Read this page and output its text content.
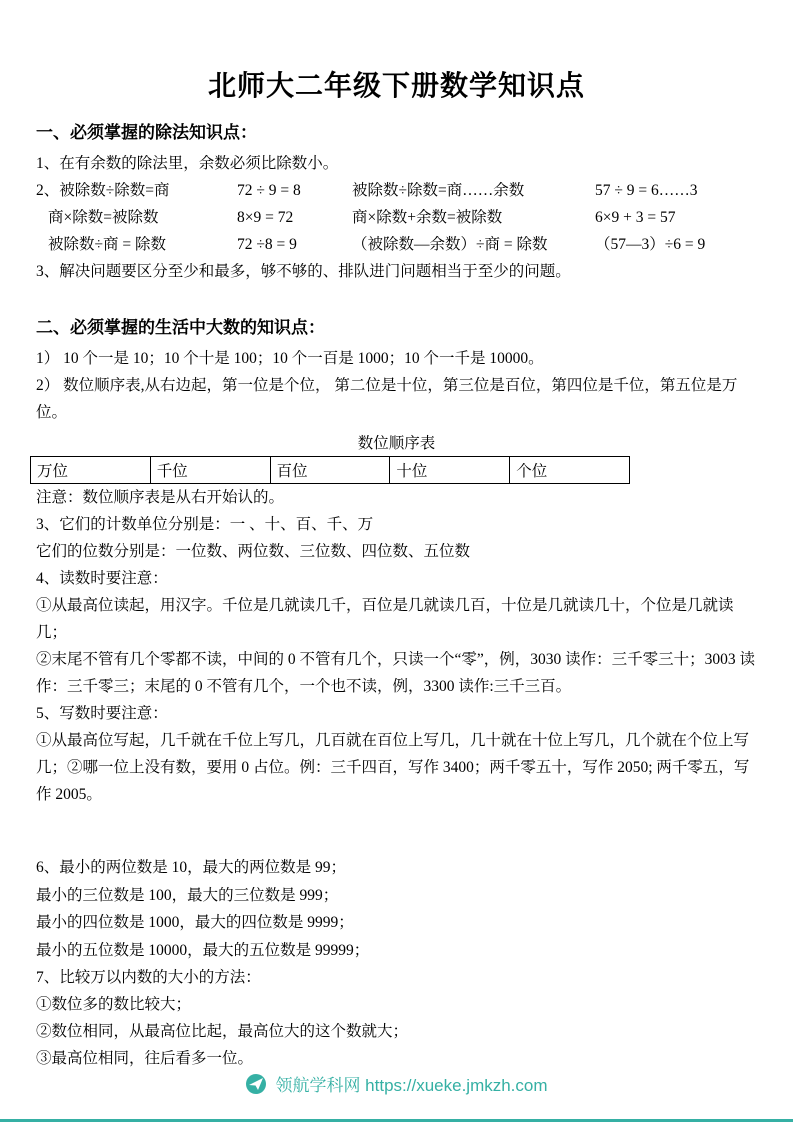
北师大二年级下册数学知识点
一、必须掌握的除法知识点：

1、在有余数的除法里，余数必须比除数小。

2、被除数÷除数=商	72 ÷ 9 = 8	被除数÷除数=商……余数	57 ÷ 9 = 6……3
商×除数=被除数	8×9 = 72	商×除数+余数=被除数	6×9 + 3 = 57
被除数÷商 = 除数	72 ÷8 = 9	（被除数—余数）÷商 = 除数	（57—3）÷6 = 9

3、解决问题要区分至少和最多，够不够的、排队进门问题相当于至少的问题。

二、必须掌握的生活中大数的知识点：

1） 10 个一是 10；10 个十是 100；10 个一百是 1000；10 个一千是 10000。

2） 数位顺序表,从右边起，第一位是个位， 第二位是十位，第三位是百位，第四位是千位，第五位是万位。

数位顺序表
万位	千位	百位	十位	个位

注意：数位顺序表是从右开始认的。

3、它们的计数单位分别是：一 、十、百、千、万

它们的位数分别是：一位数、两位数、三位数、四位数、五位数

4、读数时要注意：

①从最高位读起，用汉字。千位是几就读几千，百位是几就读几百，十位是几就读几十，个位是几就读几；

②末尾不管有几个零都不读，中间的 0 不管有几个，只读一个“零”，例，3030 读作：三千零三十；3003 读作：三千零三；末尾的 0 不管有几个，一个也不读，例，3300 读作:三千三百。

5、写数时要注意：

①从最高位写起，几千就在千位上写几，几百就在百位上写几，几十就在十位上写几，几个就在个位上写几；②哪一位上没有数，要用 0 占位。例：三千四百，写作 3400；两千零五十，写作 2050; 两千零五，写作 2005。

6、最小的两位数是 10，最大的两位数是 99；

最小的三位数是 100，最大的三位数是 999；

最小的四位数是 1000，最大的四位数是 9999；

最小的五位数是 10000，最大的五位数是 99999；

7、比较万以内数的大小的方法：

①数位多的数比较大；

②数位相同，从最高位比起，最高位大的这个数就大；

③最高位相同，往后看多一位。

领航学科网 https://xueke.jmkzh.com
